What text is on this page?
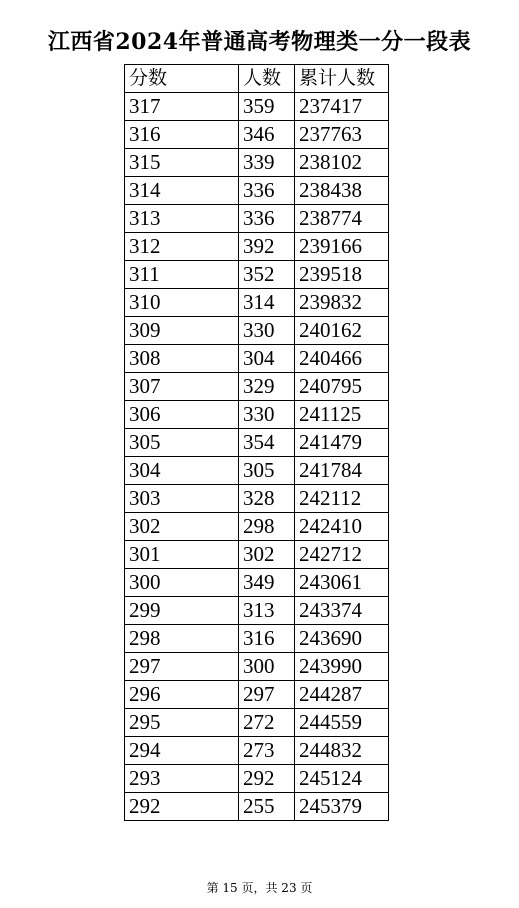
江西省2024年普通高考物理类一分一段表
分数	人数	累计人数
317	359	237417
316	346	237763
315	339	238102
314	336	238438
313	336	238774
312	392	239166
311	352	239518
310	314	239832
309	330	240162
308	304	240466
307	329	240795
306	330	241125
305	354	241479
304	305	241784
303	328	242112
302	298	242410
301	302	242712
300	349	243061
299	313	243374
298	316	243690
297	300	243990
296	297	244287
295	272	244559
294	273	244832
293	292	245124
292	255	245379
第 15 页，共 23 页
